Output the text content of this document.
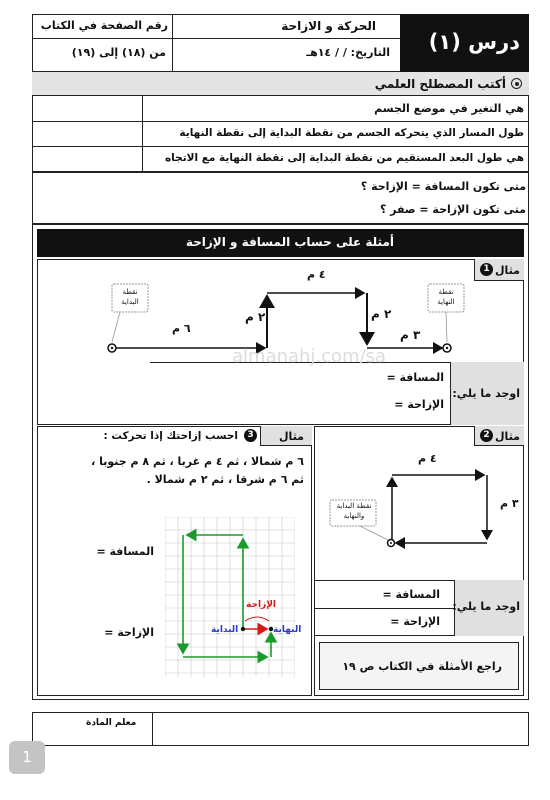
درس (١)
الحركة و الازاحة
التاريخ: / / ١٤هـ
رقم الصفحة في الكتاب
من (١٨) إلى (١٩)
أكتب المصطلح العلمي
هي التغير في موضع الجسم
طول المسار الذي يتحركه الجسم من نقطة البداية إلى نقطة النهاية
هي طول البعد المستقيم من نقطة البداية إلى نقطة النهاية مع الاتجاه
متى تكون المسافة = الإزاحة ؟
متى تكون الإزاحة = صفر ؟
أمثلة على حساب المسافة و الإزاحة
1 مثال
نقطة البداية
نقطة النهاية
٦ م
٢ م
٤ م
٢ م
٣ م
اوجد ما يلي:
المسافة =
الإزاحة =
3	مثال
احسب إزاحتك إذا تحركت :
٦ م شمالا ، ثم ٤ م غربا ، ثم ٨ م جنوبا ،
ثم ٦ م شرقا ، ثم ٢ م شمالا .
الإزاحة
البداية	النهاية
المسافة =
الإزاحة =
2 مثال
٤ م
٣ م
نقطة البداية والنهاية
اوجد ما يلي:
المسافة =
الإزاحة =
راجع الأمثلة في الكتاب ص ١٩
almanahj.com/sa
معلم المادة
1
